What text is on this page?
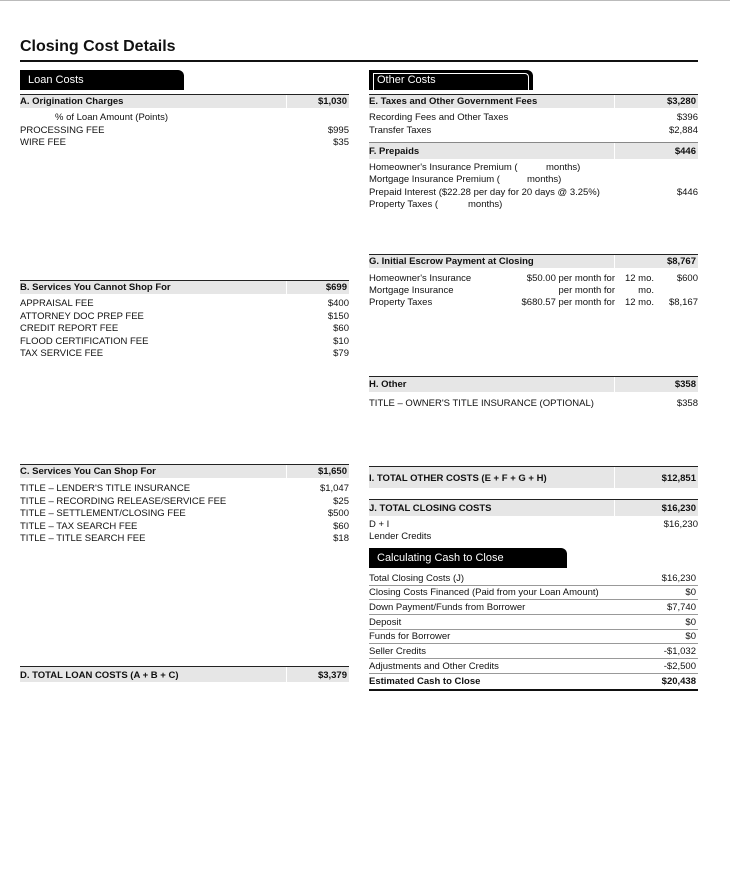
Closing Cost Details
Loan Costs
A. Origination Charges	$1,030
% of Loan Amount (Points)
PROCESSING FEE	$995
WIRE FEE	$35
B. Services You Cannot Shop For	$699
APPRAISAL FEE	$400
ATTORNEY DOC PREP FEE	$150
CREDIT REPORT FEE	$60
FLOOD CERTIFICATION FEE	$10
TAX SERVICE FEE	$79
C. Services You Can Shop For	$1,650
TITLE – LENDER'S TITLE INSURANCE	$1,047
TITLE – RECORDING RELEASE/SERVICE FEE	$25
TITLE – SETTLEMENT/CLOSING FEE	$500
TITLE – TAX SEARCH FEE	$60
TITLE – TITLE SEARCH FEE	$18
D. TOTAL LOAN COSTS (A + B + C)	$3,379
Other Costs
E. Taxes and Other Government Fees	$3,280
Recording Fees and Other Taxes	$396
Transfer Taxes	$2,884
F. Prepaids	$446
Homeowner's Insurance Premium (	months)
Mortgage Insurance Premium (	months)
Prepaid Interest ($22.28 per day for 20 days @ 3.25%)	$446
Property Taxes (	months)
G. Initial Escrow Payment at Closing	$8,767
Homeowner's Insurance	$50.00 per month for	12 mo.	$600
Mortgage Insurance	per month for	mo.
Property Taxes	$680.57 per month for	12 mo.	$8,167
H. Other	$358
TITLE – OWNER'S TITLE INSURANCE (OPTIONAL)	$358
I. TOTAL OTHER COSTS (E + F + G + H)	$12,851
J. TOTAL CLOSING COSTS	$16,230
D + I	$16,230
Lender Credits
Calculating Cash to Close
Total Closing Costs (J)	$16,230
Closing Costs Financed (Paid from your Loan Amount)	$0
Down Payment/Funds from Borrower	$7,740
Deposit	$0
Funds for Borrower	$0
Seller Credits	-$1,032
Adjustments and Other Credits	-$2,500
Estimated Cash to Close	$20,438
